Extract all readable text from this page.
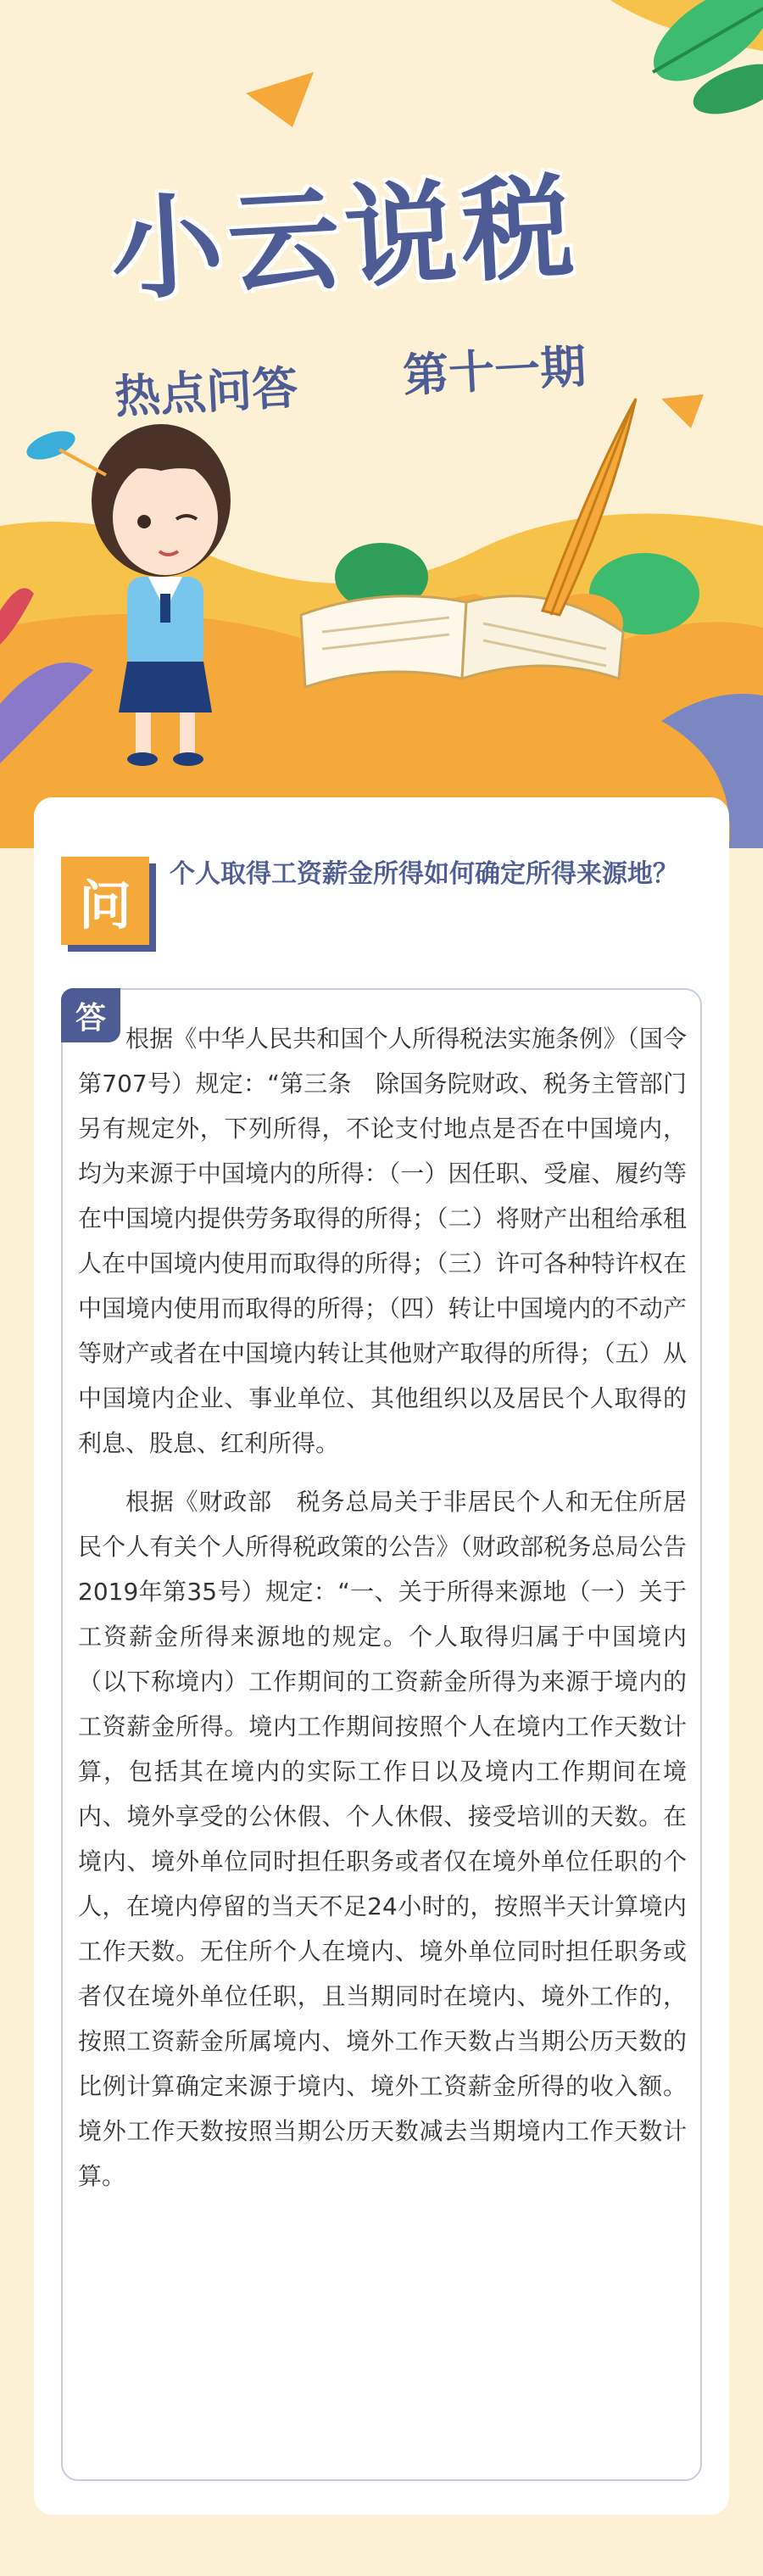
小云说税
热点问答 第十一期
问	个人取得工资薪金所得如何确定所得来源地？
答

根据《中华人民共和国个人所得税法实施条例》（国令第707号）规定：“第三条　除国务院财政、税务主管部门另有规定外，下列所得，不论支付地点是否在中国境内，均为来源于中国境内的所得：（一）因任职、受雇、履约等在中国境内提供劳务取得的所得；（二）将财产出租给承租人在中国境内使用而取得的所得；（三）许可各种特许权在中国境内使用而取得的所得；（四）转让中国境内的不动产等财产或者在中国境内转让其他财产取得的所得；（五）从中国境内企业、事业单位、其他组织以及居民个人取得的利息、股息、红利所得。

根据《财政部　税务总局关于非居民个人和无住所居民个人有关个人所得税政策的公告》（财政部税务总局公告2019年第35号）规定：“一、关于所得来源地（一）关于工资薪金所得来源地的规定。个人取得归属于中国境内（以下称境内）工作期间的工资薪金所得为来源于境内的工资薪金所得。境内工作期间按照个人在境内工作天数计算，包括其在境内的实际工作日以及境内工作期间在境内、境外享受的公休假、个人休假、接受培训的天数。在境内、境外单位同时担任职务或者仅在境外单位任职的个人，在境内停留的当天不足24小时的，按照半天计算境内工作天数。无住所个人在境内、境外单位同时担任职务或者仅在境外单位任职，且当期同时在境内、境外工作的，按照工资薪金所属境内、境外工作天数占当期公历天数的比例计算确定来源于境内、境外工资薪金所得的收入额。境外工作天数按照当期公历天数减去当期境内工作天数计算。
